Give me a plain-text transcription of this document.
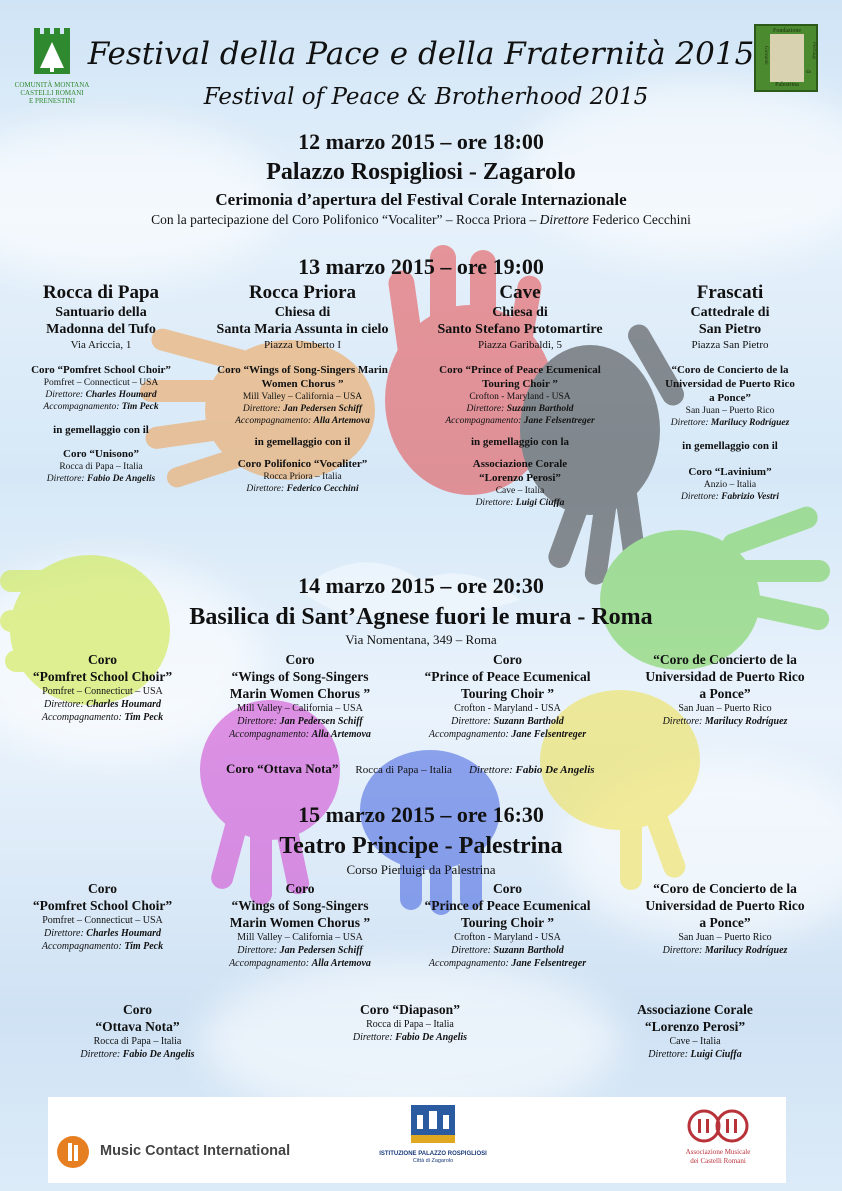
COMUNITÀ MONTANA
CASTELLI ROMANI
E PRENESTINI
Fondazione
Giovanni	Pierluigi
da
Palestrina
Festival della Pace e della Fraternità 2015
Festival of Peace & Brotherhood 2015
12 marzo 2015 – ore 18:00
Palazzo Rospigliosi - Zagarolo
Cerimonia d’apertura del Festival Corale Internazionale
Con la partecipazione del Coro Polifonico “Vocaliter” – Rocca Priora – Direttore Federico Cecchini
13 marzo 2015 – ore 19:00
Rocca di Papa
Santuario della
Madonna del Tufo
Via Ariccia, 1
Coro “Pomfret School Choir”
Pomfret – Connecticut – USA
Direttore: Charles Houmard
Accompagnamento: Tim Peck
in gemellaggio con il
Coro “Unisono”
Rocca di Papa – Italia
Direttore: Fabio De Angelis
Rocca Priora
Chiesa di
Santa Maria Assunta in cielo
Piazza Umberto I
Coro “Wings of Song-Singers Marin
Women Chorus ”
Mill Valley – California – USA
Direttore: Jan Pedersen Schiff
Accompagnamento: Alla Artemova
in gemellaggio con il
Coro Polifonico “Vocaliter”
Rocca Priora – Italia
Direttore: Federico Cecchini
Cave
Chiesa di
Santo Stefano Protomartire
Piazza Garibaldi, 5
Coro “Prince of Peace Ecumenical
Touring Choir ”
Crofton - Maryland - USA
Direttore: Suzann Barthold
Accompagnamento: Jane Felsentreger
in gemellaggio con la
Associazione Corale
“Lorenzo Perosi”
Cave – Italia
Direttore: Luigi Ciuffa
Frascati
Cattedrale di
San Pietro
Piazza San Pietro
“Coro de Concierto de la
Universidad de Puerto Rico
a Ponce”
San Juan – Puerto Rico
Direttore: Marilucy Rodríguez
in gemellaggio con il
Coro “Lavinium”
Anzio – Italia
Direttore: Fabrizio Vestri
14 marzo 2015 – ore 20:30
Basilica di Sant’Agnese fuori le mura - Roma
Via Nomentana, 349 – Roma
Coro
“Pomfret School Choir”
Pomfret – Connecticut – USA
Direttore: Charles Houmard
Accompagnamento: Tim Peck
Coro
“Wings of Song-Singers
Marin Women Chorus ”
Mill Valley – California – USA
Direttore: Jan Pedersen Schiff
Accompagnamento: Alla Artemova
Coro
“Prince of Peace Ecumenical
Touring Choir ”
Crofton - Maryland - USA
Direttore: Suzann Barthold
Accompagnamento: Jane Felsentreger
“Coro de Concierto de la
Universidad de Puerto Rico
a Ponce”
San Juan – Puerto Rico
Direttore: Marilucy Rodríguez
Coro “Ottava Nota” Rocca di Papa – Italia Direttore: Fabio De Angelis
15 marzo 2015 – ore 16:30
Teatro Principe - Palestrina
Corso Pierluigi da Palestrina
Coro
“Pomfret School Choir”
Pomfret – Connecticut – USA
Direttore: Charles Houmard
Accompagnamento: Tim Peck
Coro
“Wings of Song-Singers
Marin Women Chorus ”
Mill Valley – California – USA
Direttore: Jan Pedersen Schiff
Accompagnamento: Alla Artemova
Coro
“Prince of Peace Ecumenical
Touring Choir ”
Crofton - Maryland - USA
Direttore: Suzann Barthold
Accompagnamento: Jane Felsentreger
“Coro de Concierto de la
Universidad de Puerto Rico
a Ponce”
San Juan – Puerto Rico
Direttore: Marilucy Rodríguez
Coro
“Ottava Nota”
Rocca di Papa – Italia
Direttore: Fabio De Angelis
Coro “Diapason”
Rocca di Papa – Italia
Direttore: Fabio De Angelis
Associazione Corale
“Lorenzo Perosi”
Cave – Italia
Direttore: Luigi Ciuffa
Music Contact International	ISTITUZIONE PALAZZO ROSPIGLIOSI
Città di Zagarolo
Associazione Musicale
dei Castelli Romani
